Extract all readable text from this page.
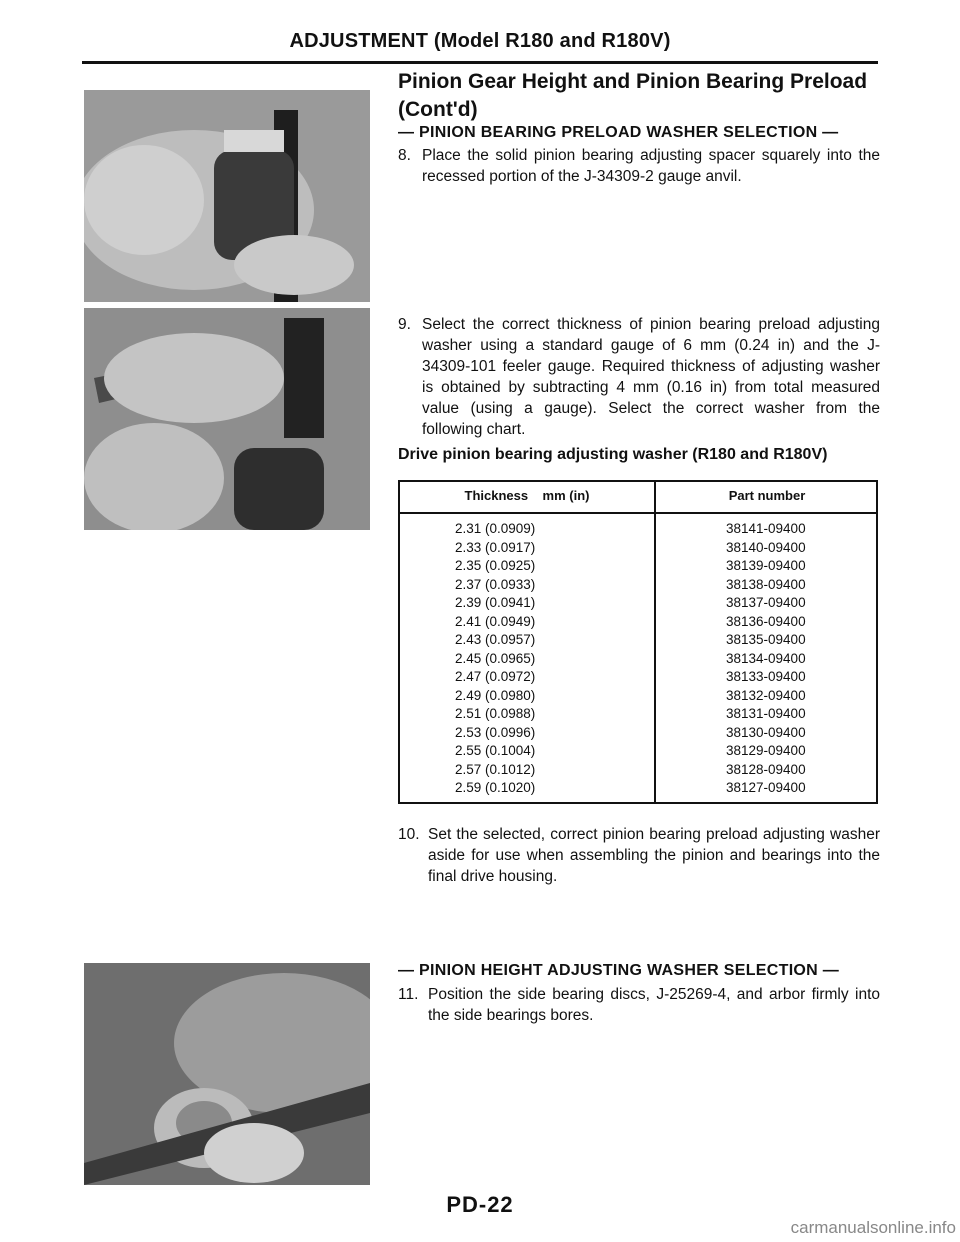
ADJUSTMENT (Model R180 and R180V)
Pinion Gear Height and Pinion Bearing Preload
(Cont'd)
— PINION BEARING PRELOAD WASHER SELECTION —
8. Place the solid pinion bearing adjusting spacer squarely into the recessed portion of the J-34309-2 gauge anvil.
9. Select the correct thickness of pinion bearing preload adjusting washer using a standard gauge of 6 mm (0.24 in) and the J-34309-101 feeler gauge. Required thickness of adjusting washer is obtained by subtracting 4 mm (0.16 in) from total measured value (using a gauge). Select the correct washer from the following chart.
Drive pinion bearing adjusting washer (R180 and R180V)
Thickness    mm (in)	Part number
2.31 (0.0909)	38141-09400
2.33 (0.0917)	38140-09400
2.35 (0.0925)	38139-09400
2.37 (0.0933)	38138-09400
2.39 (0.0941)	38137-09400
2.41 (0.0949)	38136-09400
2.43 (0.0957)	38135-09400
2.45 (0.0965)	38134-09400
2.47 (0.0972)	38133-09400
2.49 (0.0980)	38132-09400
2.51 (0.0988)	38131-09400
2.53 (0.0996)	38130-09400
2.55 (0.1004)	38129-09400
2.57 (0.1012)	38128-09400
2.59 (0.1020)	38127-09400
— PINION HEIGHT ADJUSTING WASHER SELECTION —
10. Set the selected, correct pinion bearing preload adjusting washer aside for use when assembling the pinion and bearings into the final drive housing.
11. Position the side bearing discs, J-25269-4, and arbor firmly into the side bearings bores.
PD-22
carmanualsonline.info
